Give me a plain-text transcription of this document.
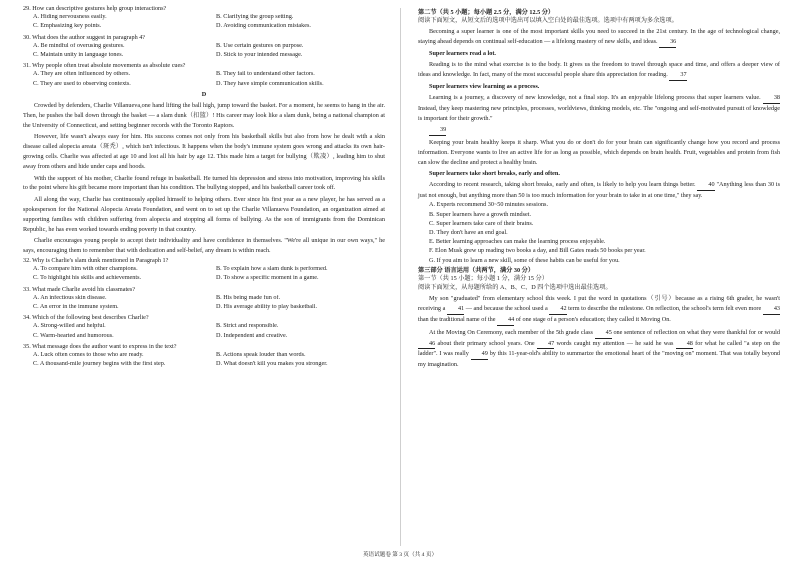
29. How can descriptive gestures help group interactions?
A. Hiding nervousness easily.	B. Clarifying the group setting.
C. Emphasizing key points.	D. Avoiding communication mistakes.
30. What does the author suggest in paragraph 4?
A. Be mindful of overusing gestures.	B. Use certain gestures on purpose.
C. Maintain unity in language tones.	D. Stick to your intended message.
31. Why people often treat absolute movements as absolute cues?
A. They are often influenced by others.	B. They fail to understand other factors.
C. They are used to observing contexts.	D. They have simple communication skills.
D

Crowded by defenders, Charlie Villanueva,one hand lifting the ball high, jump toward the basket. For a moment, he seems to hang in the air. Then, he pushes the ball down through the basket — a slam dunk（扣篮）! His career may look like a slam dunk, being a national champion at the University of Connecticut, and setting beginner records with the Toronto Raptors.

However, life wasn't always easy for him. His success comes not only from his basketball skills but also from how he dealt with a skin disease called alopecia areata（斑秃）, which isn't infectious. It happens when the body's immune system goes wrong and attacks its own hair-growing cells. Charlie was affected at age 10 and lost all his hair by age 12. This made him a target for bullying（欺凌）, leading him to shut away from others and hide under caps and hoods.

With the support of his mother, Charlie found refuge in basketball. He turned his depression and stress into motivation, improving his skills to the point where his gift became more important than his condition. The bullying stopped, and his basketball career took off.

All along the way, Charlie has continuously applied himself to helping others. Ever since his first year as a new player, he has served as a spokesperson for the National Alopecia Areata Foundation, and went on to set up the Charlie Villanueva Foundation, an organization aimed at supporting families with children suffering from alopecia and stopping all forms of bullying. As the son of immigrants from the Dominican Republic, he has even worked towards ending poverty in that country.

Charlie encourages young people to accept their individuality and have confidence in themselves. "We're all unique in our own ways," he says, encouraging them to remember that with dedication and self-belief, any dream is within reach.

32. Why is Charlie's slam dunk mentioned in Paragraph 1?
A. To compare him with other champions.	B. To explain how a slam dunk is performed.
C. To highlight his skills and achievements.	D. To show a specific moment in a game.
33. What made Charlie avoid his classmates?
A. An infectious skin disease.	B. His being made fun of.
C. An error in the immune system.	D. His average ability to play basketball.
34. Which of the following best describes Charlie?
A. Strong-willed and helpful.	B. Strict and responsible.
C. Warm-hearted and humorous.	D. Independent and creative.
35. What message does the author want to express in the text?
A. Luck often comes to those who are ready.	B. Actions speak louder than words.
C. A thousand-mile journey begins with the first step.	D. What doesn't kill you makes you stronger.
第二节（共 5 小题；每小题 2.5 分，满分 12.5 分）
阅读下面短文，从短文后的选项中选出可以填入空白处的最佳选项。选项中有两项为多余选项。

Becoming a super learner is one of the most important skills you need to succeed in the 21st century. In the age of technological change, staying ahead depends on continual self-education — a lifelong mastery of new skills, and ideas. 36

Super learners read a lot.

Reading is to the mind what exercise is to the body. It gives us the freedom to travel through space and time, and offers a deeper view of ideas and knowledge. In fact, many of the most successful people share this appreciation for reading. 37

Super learners view learning as a process.

Learning is a journey, a discovery of new knowledge, not a final stop. It's an enjoyable lifelong process that super learners value. 38 Instead, they keep mastering new principles, processes, worldviews, thinking models, etc. The "ongoing and self-motivated pursuit of knowledge is important for their growth."

39

Keeping your brain healthy keeps it sharp. What you do or don't do for your brain can significantly change how you record and process information. Everyone wants to live an active life for as long as possible, which depends on brain health. Fruit, vegetables and protein from fish can slow the decline and protect a healthy brain.

Super learners take short breaks, early and often.

According to recent research, taking short breaks, early and often, is likely to help you learn things better. 40 "Anything less than 30 is just not enough, but anything more than 50 is too much information for your brain to take in at one time," they say.

A. Experts recommend 30~50 minutes sessions.
B. Super learners have a growth mindset.
C. Super learners take care of their brains.
D. They don't have an end goal.
E. Better learning approaches can make the learning process enjoyable.
F. Elon Musk grew up reading two books a day, and Bill Gates reads 50 books per year.
G. If you aim to learn a new skill, some of these habits can be useful for you.
第三部分 语言运用（共两节，满分 30 分）
第一节（共 15 小题；每小题 1 分，满分 15 分）
阅读下面短文，从每题所给的 A、B、C、D 四个选项中选出最佳选项。

My son "graduated" from elementary school this week. I put the word in quotations（引号）because as a rising 6th grader, he wasn't receiving a 41 — and because the school used a 42 term to describe the milestone. On reflection, the school's term felt even more 43 than the traditional name of the 44 of one stage of a person's education; they called it Moving On.

At the Moving On Ceremony, each member of the 5th grade class 45 one sentence of reflection on what they were thankful for or would 46 about their primary school years. One 47 words caught my attention — he said he was 48 for what he called "a step on the ladder". I was really 49 by this 11-year-old's ability to summarize the emotional heart of the "moving on" moment. That was totally beyond my imagination.

英语试题卷 第 3 页（共 4 页）
